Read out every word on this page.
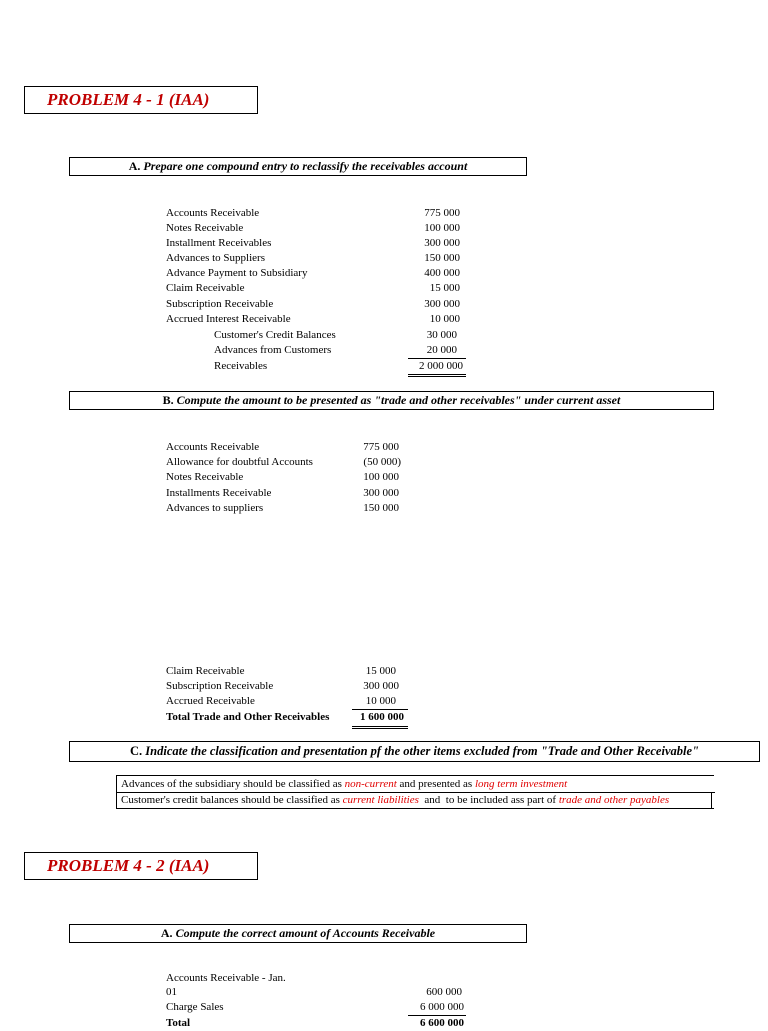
PROBLEM 4 - 1 (IAA)
A. Prepare one compound entry to reclassify the receivables account
Accounts Receivable	775 000
Notes Receivable	100 000
Installment Receivables	300 000
Advances to Suppliers	150 000
Advance Payment to Subsidiary	400 000
Claim Receivable	15 000
Subscription Receivable	300 000
Accrued Interest Receivable	10 000
Customer's Credit Balances	30 000
Advances from Customers	20 000
Receivables	2 000 000
B. Compute the amount to be presented as "trade and other receivables" under current asset
Accounts Receivable	775 000
Allowance for doubtful Accounts	(50 000)
Notes Receivable	100 000
Installments Receivable	300 000
Advances to suppliers	150 000
Claim Receivable	15 000
Subscription Receivable	300 000
Accrued Receivable	10 000
Total Trade and Other Receivables	1 600 000
C. Indicate the classification and presentation pf the other items excluded from "Trade and Other Receivable"
Advances of the subsidiary should be classified as non-current and presented as long term investment
Customer's credit balances should be classified as current liabilities  and  to be included ass part of trade and other payables
PROBLEM 4 - 2 (IAA)
A. Compute the correct amount of Accounts Receivable
Accounts Receivable - Jan.
01	600 000
Charge Sales	6 000 000
Total	6 600 000
